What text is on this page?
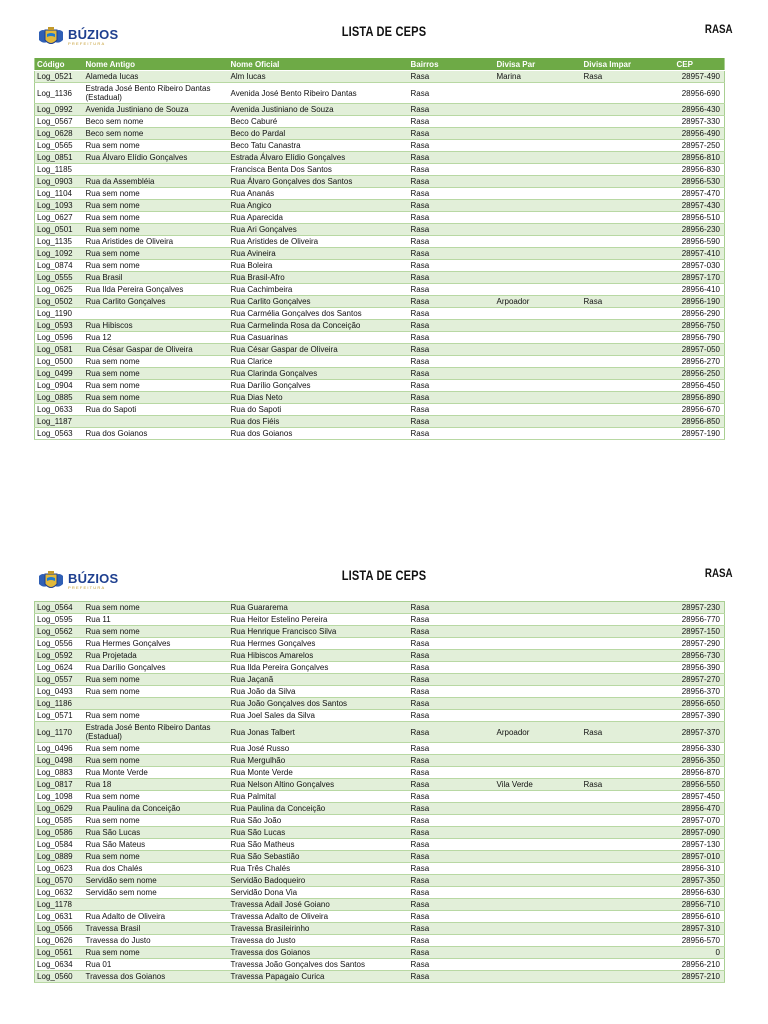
BÚZIOS
PREFEITURA
LISTA DE CEPS	RASA
Código	Nome Antigo	Nome Oficial	Bairros	Divisa Par	Divisa Impar	CEP
Log_0521	Alameda Iucas	Alm Iucas	Rasa	Marina	Rasa	28957-490
Log_1136	Estrada José Bento Ribeiro Dantas (Estadual)	Avenida José Bento Ribeiro Dantas	Rasa			28956-690
Log_0992	Avenida Justiniano de Souza	Avenida Justiniano de Souza	Rasa			28956-430
Log_0567	Beco sem nome	Beco Caburé	Rasa			28957-330
Log_0628	Beco sem nome	Beco do Pardal	Rasa			28956-490
Log_0565	Rua sem nome	Beco Tatu Canastra	Rasa			28957-250
Log_0851	Rua Álvaro Elídio Gonçalves	Estrada Álvaro Elídio Gonçalves	Rasa			28956-810
Log_1185		Francisca Benta Dos Santos	Rasa			28956-830
Log_0903	Rua da Assembléia	Rua Álvaro Gonçalves dos Santos	Rasa			28956-530
Log_1104	Rua sem nome	Rua Ananás	Rasa			28957-470
Log_1093	Rua sem nome	Rua Angico	Rasa			28957-430
Log_0627	Rua sem nome	Rua Aparecida	Rasa			28956-510
Log_0501	Rua sem nome	Rua Ari Gonçalves	Rasa			28956-230
Log_1135	Rua Aristides de Oliveira	Rua Aristides de Oliveira	Rasa			28956-590
Log_1092	Rua sem nome	Rua Avineira	Rasa			28957-410
Log_0874	Rua sem nome	Rua Boleira	Rasa			28957-030
Log_0555	Rua Brasil	Rua Brasil-Afro	Rasa			28957-170
Log_0625	Rua Ilda Pereira Gonçalves	Rua Cachimbeira	Rasa			28956-410
Log_0502	Rua Carlito Gonçalves	Rua Carlito Gonçalves	Rasa	Arpoador	Rasa	28956-190
Log_1190		Rua Carmélia Gonçalves dos Santos	Rasa			28956-290
Log_0593	Rua Hibiscos	Rua Carmelinda Rosa da Conceição	Rasa			28956-750
Log_0596	Rua 12	Rua Casuarinas	Rasa			28956-790
Log_0581	Rua César Gaspar de Oliveira	Rua César Gaspar de Oliveira	Rasa			28957-050
Log_0500	Rua sem nome	Rua Clarice	Rasa			28956-270
Log_0499	Rua sem nome	Rua Clarinda Gonçalves	Rasa			28956-250
Log_0904	Rua sem nome	Rua Darílio Gonçalves	Rasa			28956-450
Log_0885	Rua sem nome	Rua Dias Neto	Rasa			28956-890
Log_0633	Rua do Sapoti	Rua do Sapoti	Rasa			28956-670
Log_1187		Rua dos Fiéis	Rasa			28956-850
Log_0563	Rua dos Goianos	Rua dos Goianos	Rasa			28957-190
BÚZIOS
PREFEITURA
LISTA DE CEPS	RASA
Log_0564	Rua sem nome	Rua Guararema	Rasa			28957-230
Log_0595	Rua 11	Rua Heitor Estelino Pereira	Rasa			28956-770
Log_0562	Rua sem nome	Rua Henrique Francisco Silva	Rasa			28957-150
Log_0556	Rua Hermes Gonçalves	Rua Hermes Gonçalves	Rasa			28957-290
Log_0592	Rua Projetada	Rua Hibiscos Amarelos	Rasa			28956-730
Log_0624	Rua Darílio Gonçalves	Rua Ilda Pereira Gonçalves	Rasa			28956-390
Log_0557	Rua sem nome	Rua Jaçanã	Rasa			28957-270
Log_0493	Rua sem nome	Rua João da Silva	Rasa			28956-370
Log_1186		Rua João Gonçalves dos Santos	Rasa			28956-650
Log_0571	Rua sem nome	Rua Joel Sales da Silva	Rasa			28957-390
Log_1170	Estrada José Bento Ribeiro Dantas (Estadual)	Rua Jonas Talbert	Rasa	Arpoador	Rasa	28957-370
Log_0496	Rua sem nome	Rua José Russo	Rasa			28956-330
Log_0498	Rua sem nome	Rua Mergulhão	Rasa			28956-350
Log_0883	Rua Monte Verde	Rua Monte Verde	Rasa			28956-870
Log_0817	Rua 18	Rua Nelson Altino Gonçalves	Rasa	Vila Verde	Rasa	28956-550
Log_1098	Rua sem nome	Rua Palmital	Rasa			28957-450
Log_0629	Rua Paulina da Conceição	Rua Paulina da Conceição	Rasa			28956-470
Log_0585	Rua sem nome	Rua São João	Rasa			28957-070
Log_0586	Rua São Lucas	Rua São Lucas	Rasa			28957-090
Log_0584	Rua São Mateus	Rua São Matheus	Rasa			28957-130
Log_0889	Rua sem nome	Rua São Sebastião	Rasa			28957-010
Log_0623	Rua dos Chalés	Rua Três Chalés	Rasa			28956-310
Log_0570	Servidão sem nome	Servidão Badoqueiro	Rasa			28957-350
Log_0632	Servidão sem nome	Servidão Dona Via	Rasa			28956-630
Log_1178		Travessa Adail José Goiano	Rasa			28956-710
Log_0631	Rua Adalto de Oliveira	Travessa Adalto de Oliveira	Rasa			28956-610
Log_0566	Travessa Brasil	Travessa Brasileirinho	Rasa			28957-310
Log_0626	Travessa do Justo	Travessa do Justo	Rasa			28956-570
Log_0561	Rua sem nome	Travessa dos Goianos	Rasa			0
Log_0634	Rua 01	Travessa João Gonçalves dos Santos	Rasa			28956-210
Log_0560	Travessa dos Goianos	Travessa Papagaio Curica	Rasa			28957-210
